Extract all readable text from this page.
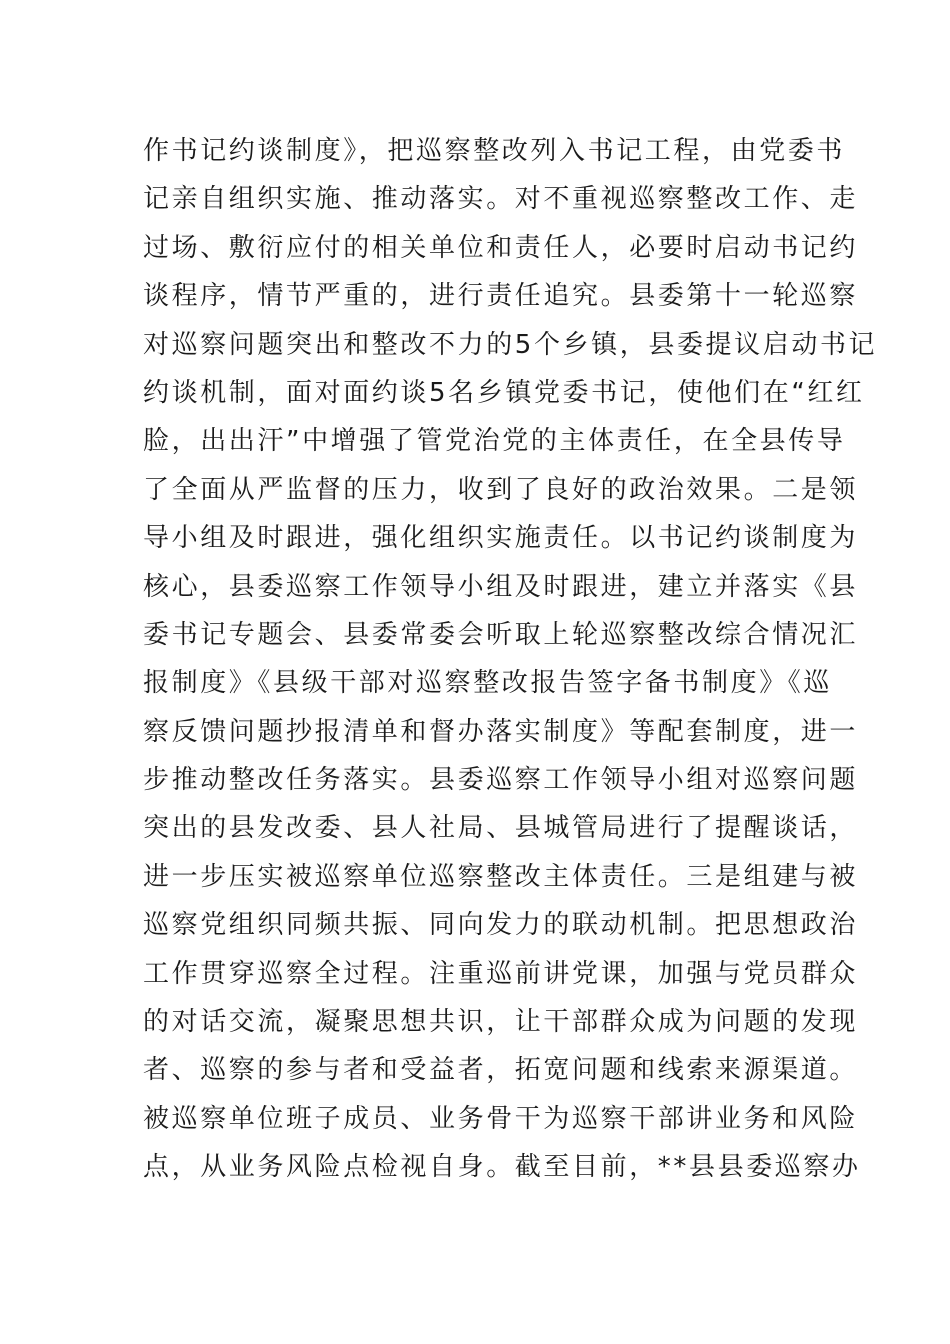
作书记约谈制度》，把巡察整改列入书记工程，由党委书
记亲自组织实施、推动落实。对不重视巡察整改工作、走
过场、敷衍应付的相关单位和责任人，必要时启动书记约
谈程序，情节严重的，进行责任追究。县委第十一轮巡察
对巡察问题突出和整改不力的5个乡镇，县委提议启动书记
约谈机制，面对面约谈5名乡镇党委书记，使他们在“红红
脸，出出汗”中增强了管党治党的主体责任，在全县传导
了全面从严监督的压力，收到了良好的政治效果。二是领
导小组及时跟进，强化组织实施责任。以书记约谈制度为
核心，县委巡察工作领导小组及时跟进，建立并落实《县
委书记专题会、县委常委会听取上轮巡察整改综合情况汇
报制度》《县级干部对巡察整改报告签字备书制度》《巡
察反馈问题抄报清单和督办落实制度》等配套制度，进一
步推动整改任务落实。县委巡察工作领导小组对巡察问题
突出的县发改委、县人社局、县城管局进行了提醒谈话，
进一步压实被巡察单位巡察整改主体责任。三是组建与被
巡察党组织同频共振、同向发力的联动机制。把思想政治
工作贯穿巡察全过程。注重巡前讲党课，加强与党员群众
的对话交流，凝聚思想共识，让干部群众成为问题的发现
者、巡察的参与者和受益者，拓宽问题和线索来源渠道。
被巡察单位班子成员、业务骨干为巡察干部讲业务和风险
点，从业务风险点检视自身。截至目前，**县县委巡察办
